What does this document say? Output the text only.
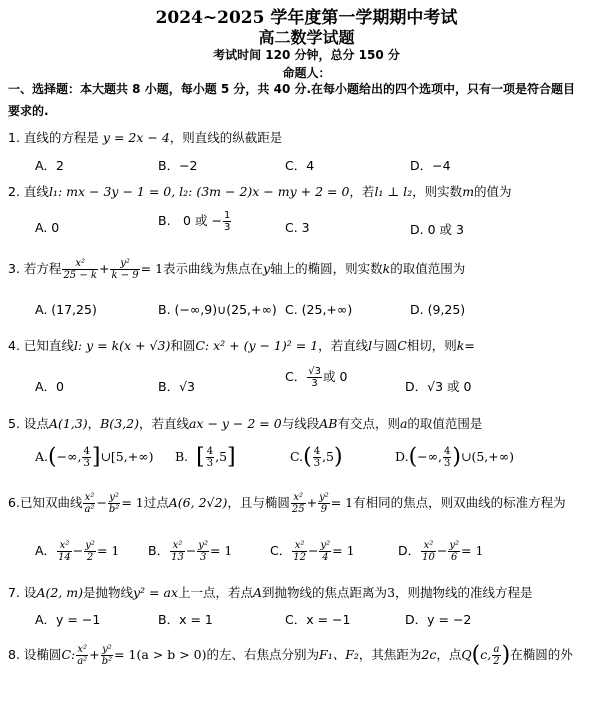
2024~2025 学年度第一学期期中考试
高二数学试题
考试时间 120 分钟，总分 150 分
命题人：
一、选择题：本大题共 8 小题，每小题 5 分，共 40 分.在每小题给出的四个选项中，只有一项是符合题目
要求的.
1. 直线的方程是 y = 2x − 4，则直线的纵截距是
A．2	B．−2	C．4	D．−4
2. 直线l₁: mx − 3y − 1 = 0, l₂: (3m − 2)x − my + 2 = 0，若l₁ ⊥ l₂，则实数m的值为
A. 0	B.　0 或 − $\frac{1}{3}$	C. 3	D. 0 或 3
3. 若方程 $\frac{\text{x²}}{25 - k} + \frac{\text{y²}}{k - 9} = 1$表示曲线为焦点在y轴上的椭圆，则实数k的取值范围为
A. (17,25)	B. (−∞,9)∪(25,+∞) C. (25,+∞)	D. (9,25)
4. 已知直线l: y = k(x + √3)和圆C: x² + (y − 1)² = 1，若直线l与圆C相切，则k=
A．0	B．√3
C． $\frac{√3}{3}$ 或 0
D．√3 或 0
5. 设点A(1,3)，B(3,2)，若直线ax − y − 2 = 0与线段AB有交点，则a的取值范围是
A.(−∞, $\frac{4}{3}$ ]∪[5,+∞) B. [ $\frac{4}{3} ,5$]	$C.( \frac{4}{3} ,5)$	D.(−∞, $\frac{4}{3}$ )∪(5,+∞)
6.已知双曲线 $\frac{\text{x²}}{\text{a²}} - \frac{\text{y²}}{\text{b²}} = 1$过点A(6, 2√2)，且与椭圆 $\frac{\text{x²}}{25} + \frac{\text{y²}}{9} = 1$有相同的焦点，则双曲线的标准方程为
A． $\frac{\text{x²}}{14} - \frac{\text{y²}}{2} = 1$ B． $\frac{\text{x²}}{13} - \frac{\text{y²}}{3} = 1$	C． $\frac{\text{x²}}{12} - \frac{\text{y²}}{4} = 1$	D． $\frac{\text{x²}}{10} - \frac{\text{y²}}{6} = 1$
7. 设A(2, m)是抛物线y² = ax上一点，若点A到抛物线的焦点距离为3，则抛物线的准线方程是
A．y = −1	B．x = 1	C．x = −1	D．y = −2
8. 设椭圆C: $\frac{\text{x²}}{\text{a²}} + \frac{\text{y²}}{\text{b²}} = 1(a > b > 0)$的左、右焦点分别为F₁、F₂，其焦距为2c，点Q(c, $\frac{a}{2}$ )在椭圆的外
